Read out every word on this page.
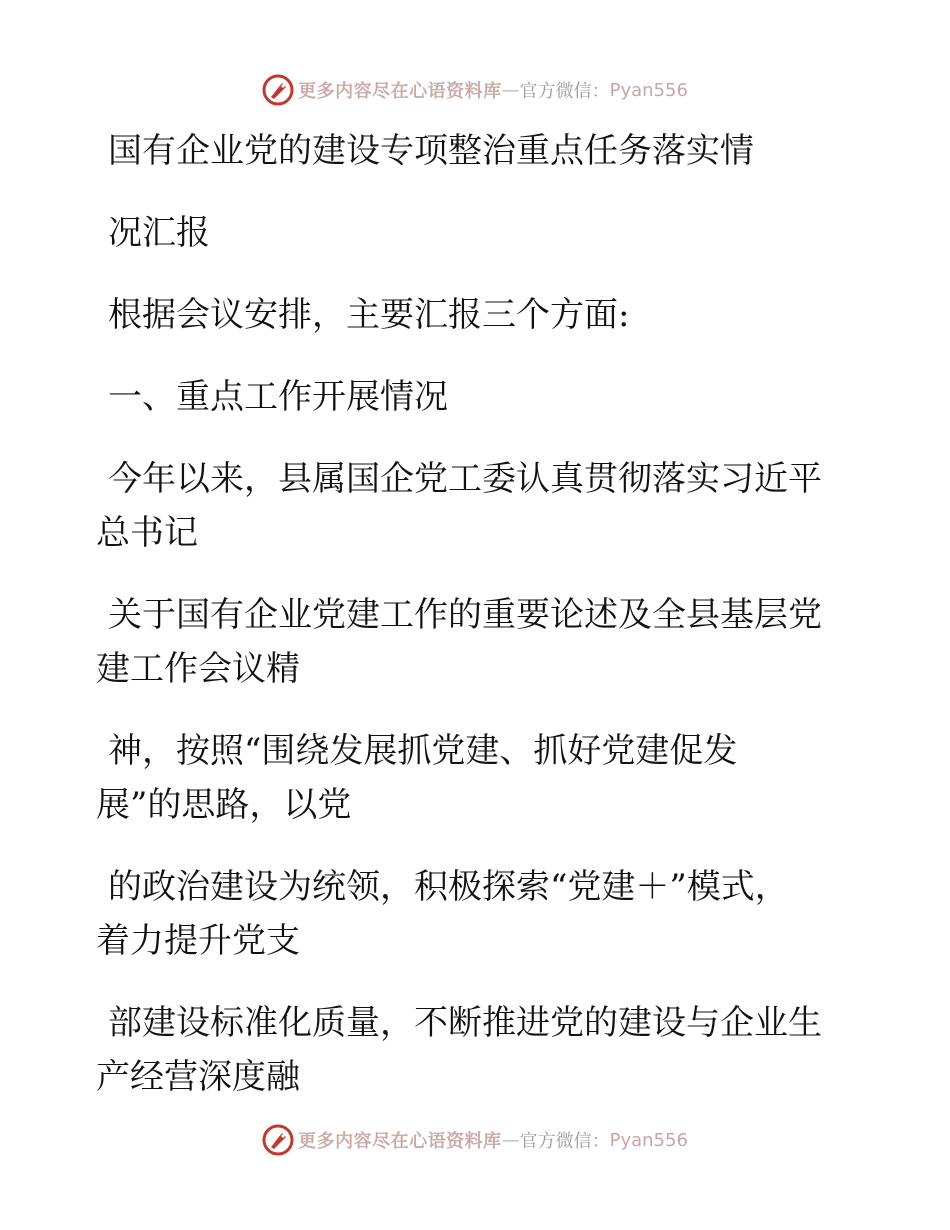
更多内容尽在心语资料库 — 官方微信： Pyan556
国有企业党的建设专项整治重点任务落实情
况汇报
根据会议安排，主要汇报三个方面:
一、重点工作开展情况
今年以来，县属国企党工委认真贯彻落实习近平
总书记
关于国有企业党建工作的重要论述及全县基层党
建工作会议精
神，按照“围绕发展抓党建、抓好党建促发
展”的思路，以党
的政治建设为统领，积极探索“党建＋”模式，
着力提升党支
部建设标准化质量，不断推进党的建设与企业生
产经营深度融
更多内容尽在心语资料库 — 官方微信： Pyan556
